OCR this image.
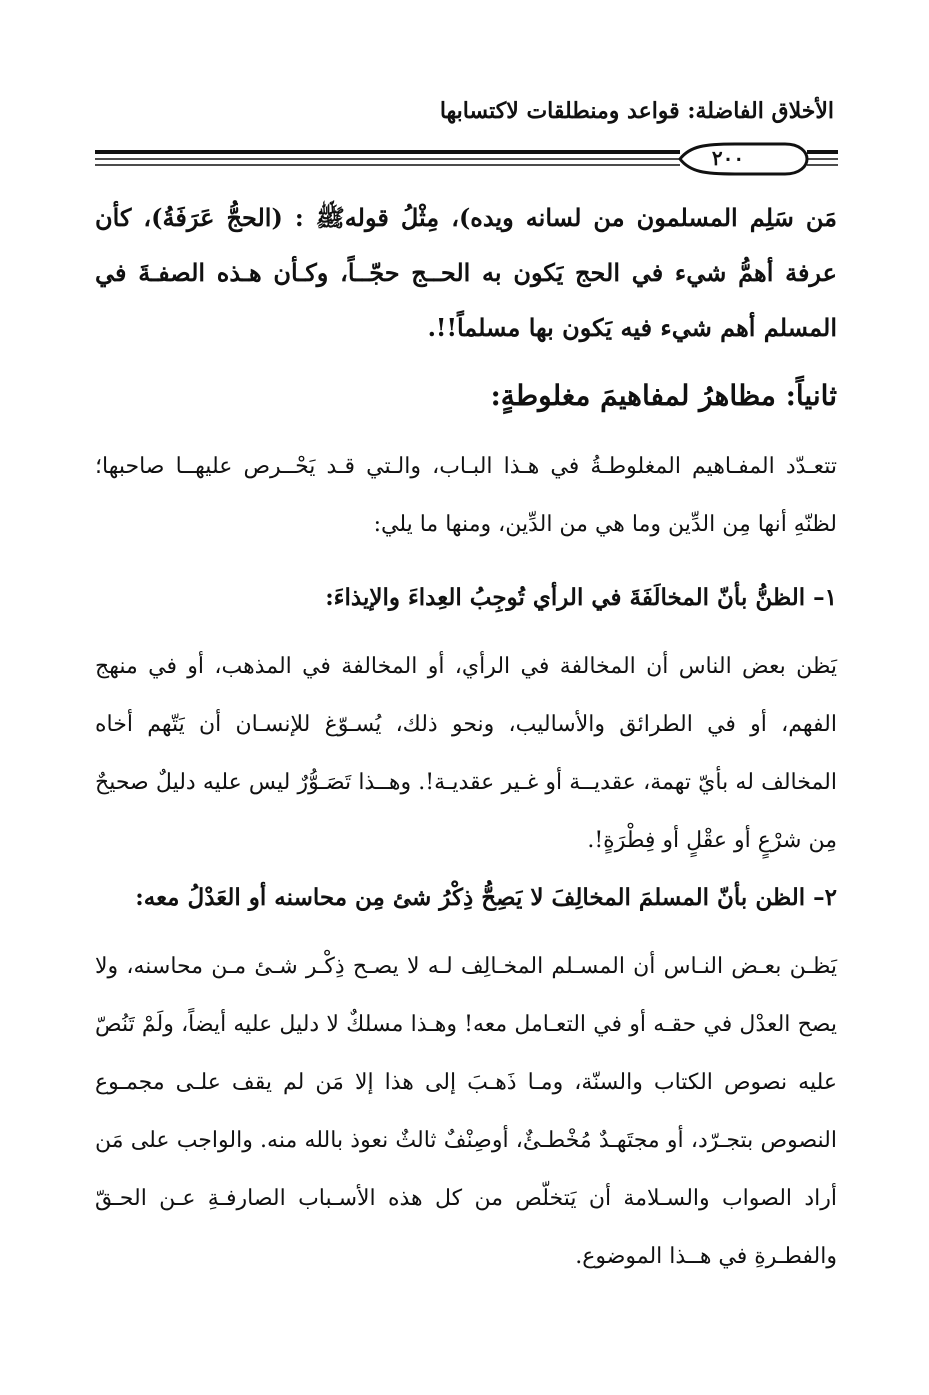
الأخلاق الفاضلة: قواعد ومنطلقات لاكتسابها
٢٠٠

مَن سَلِم المسلمون من لسانه ويده)، مِثْلُ قولهﷺ : (الحجُّ عَرَفَةُ)، كأن عرفة أهمُّ شيء في الحج يَكون به الحــج حجّــاً، وكـأن هـذه الصفـةَ في المسلم أهم شيء فيه يَكون بها مسلماً!!.

ثانياً: مظاهرُ لمفاهيمَ مغلوطةٍ:

تتعـدّد المفـاهيم المغلوطـةُ في هـذا البـاب، والـتي قـد يَحْــرص عليهــا صاحبها؛ لظنّهِ أنها مِن الدِّين وما هي من الدِّين، ومنها ما يلي:

١– الظنُّ بأنّ المخالَفَةَ في الرأي تُوجِبُ العِداءَ والإيذاءَ:

يَظن بعض الناس أن المخالفة في الرأي، أو المخالفة في المذهب، أو في منهج الفهم، أو في الطرائق والأساليب، ونحو ذلك، يُسـوّغ للإنسـان أن يَتّهم أخاه المخالف له بأيّ تهمة، عقديــة أو غـير عقديـة!. وهــذا تَصَـوُّرٌ ليس عليه دليلٌ صحيحٌ مِن شرْعٍ أو عقْلٍ أو فِطْرَةٍ!.

٢– الظن بأنّ المسلمَ المخالِفَ لا يَصِحُّ ذِكْرُ شئ مِن محاسنه أو العَدْلُ معه:

يَظـن بعـض النـاس أن المسـلم المخـالِف لـه لا يصـح ذِكْـر شـئ مـن محاسنه، ولا يصح العدْل في حقـه أو في التعـامل معه! وهـذا مسلكٌ لا دليل عليه أيضاً، ولَمْ تَنُصّ عليه نصوص الكتاب والسنّة، ومـا ذَهـبَ إلى هذا إلا مَن لم يقف علـى مجمـوع النصوص بتجـرّد، أو مجتَهـدٌ مُخْطـئٌ، أوصِنْفٌ ثالثٌ نعوذ بالله منه. والواجب على مَن أراد الصواب والسـلامة أن يَتخلّص من كل هذه الأسـباب الصارفـةِ عـن الحـقّ والفطـرةِ في هــذا الموضوع.
